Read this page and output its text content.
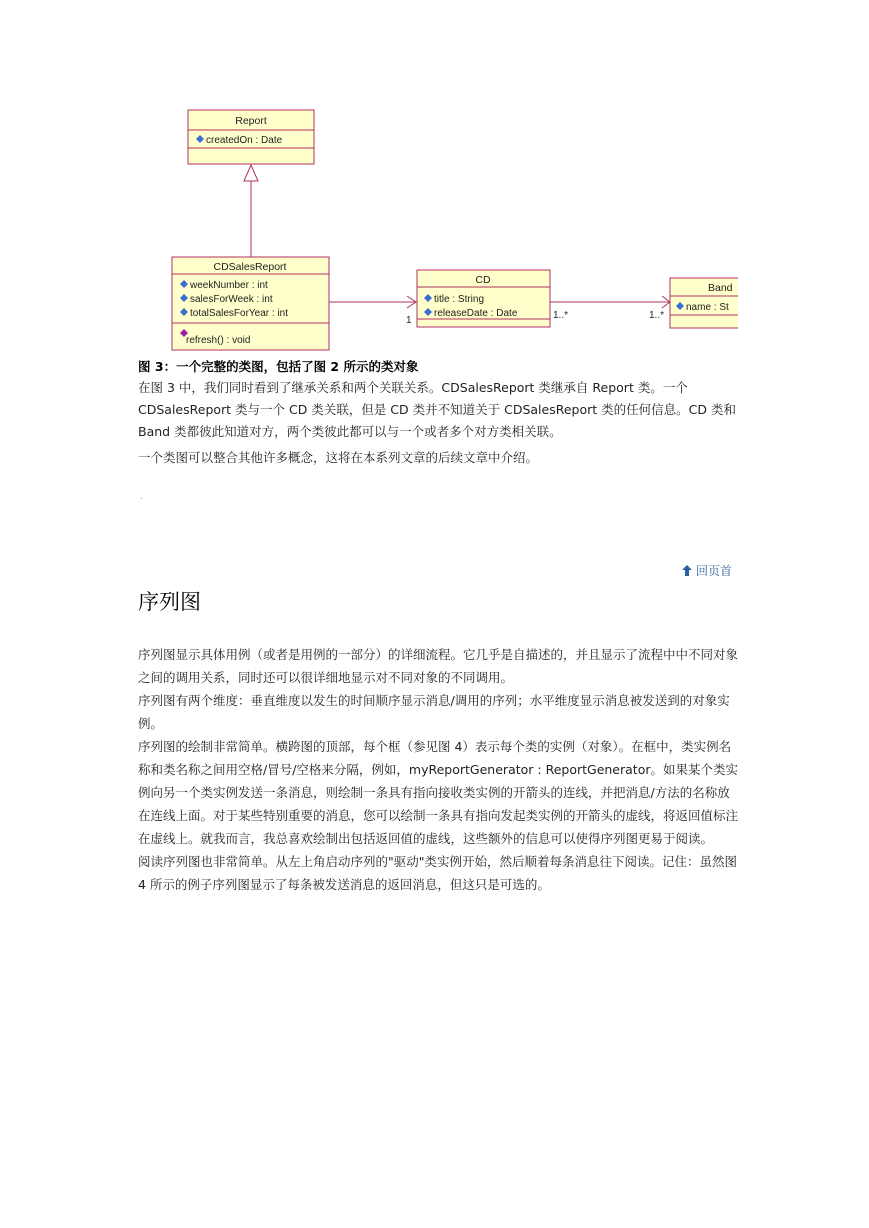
Report
createdOn : Date
CDSalesReport
weekNumber : int
salesForWeek : int
totalSalesForYear : int
refresh() : void
1
CD
title : String
releaseDate : Date	1..*	1..*
Band
name : St
图 3：一个完整的类图，包括了图 2 所示的类对象

在图 3 中，我们同时看到了继承关系和两个关联关系。CDSalesReport 类继承自 Report 类。一个 CDSalesReport 类与一个 CD 类关联，但是 CD 类并不知道关于 CDSalesReport 类的任何信息。CD 类和 Band 类都彼此知道对方，两个类彼此都可以与一个或者多个对方类相关联。

一个类图可以整合其他许多概念，这将在本系列文章的后续文章中介绍。

回页首
序列图

序列图显示具体用例（或者是用例的一部分）的详细流程。它几乎是自描述的，并且显示了流程中中不同对象之间的调用关系，同时还可以很详细地显示对不同对象的不同调用。

序列图有两个维度：垂直维度以发生的时间顺序显示消息/调用的序列；水平维度显示消息被发送到的对象实例。

序列图的绘制非常简单。横跨图的顶部，每个框（参见图 4）表示每个类的实例（对象）。在框中，类实例名称和类名称之间用空格/冒号/空格来分隔，例如，myReportGenerator : ReportGenerator。如果某个类实例向另一个类实例发送一条消息，则绘制一条具有指向接收类实例的开箭头的连线，并把消息/方法的名称放在连线上面。对于某些特别重要的消息，您可以绘制一条具有指向发起类实例的开箭头的虚线，将返回值标注在虚线上。就我而言，我总喜欢绘制出包括返回值的虚线，这些额外的信息可以使得序列图更易于阅读。

阅读序列图也非常简单。从左上角启动序列的"驱动"类实例开始，然后顺着每条消息往下阅读。记住：虽然图 4 所示的例子序列图显示了每条被发送消息的返回消息，但这只是可选的。
